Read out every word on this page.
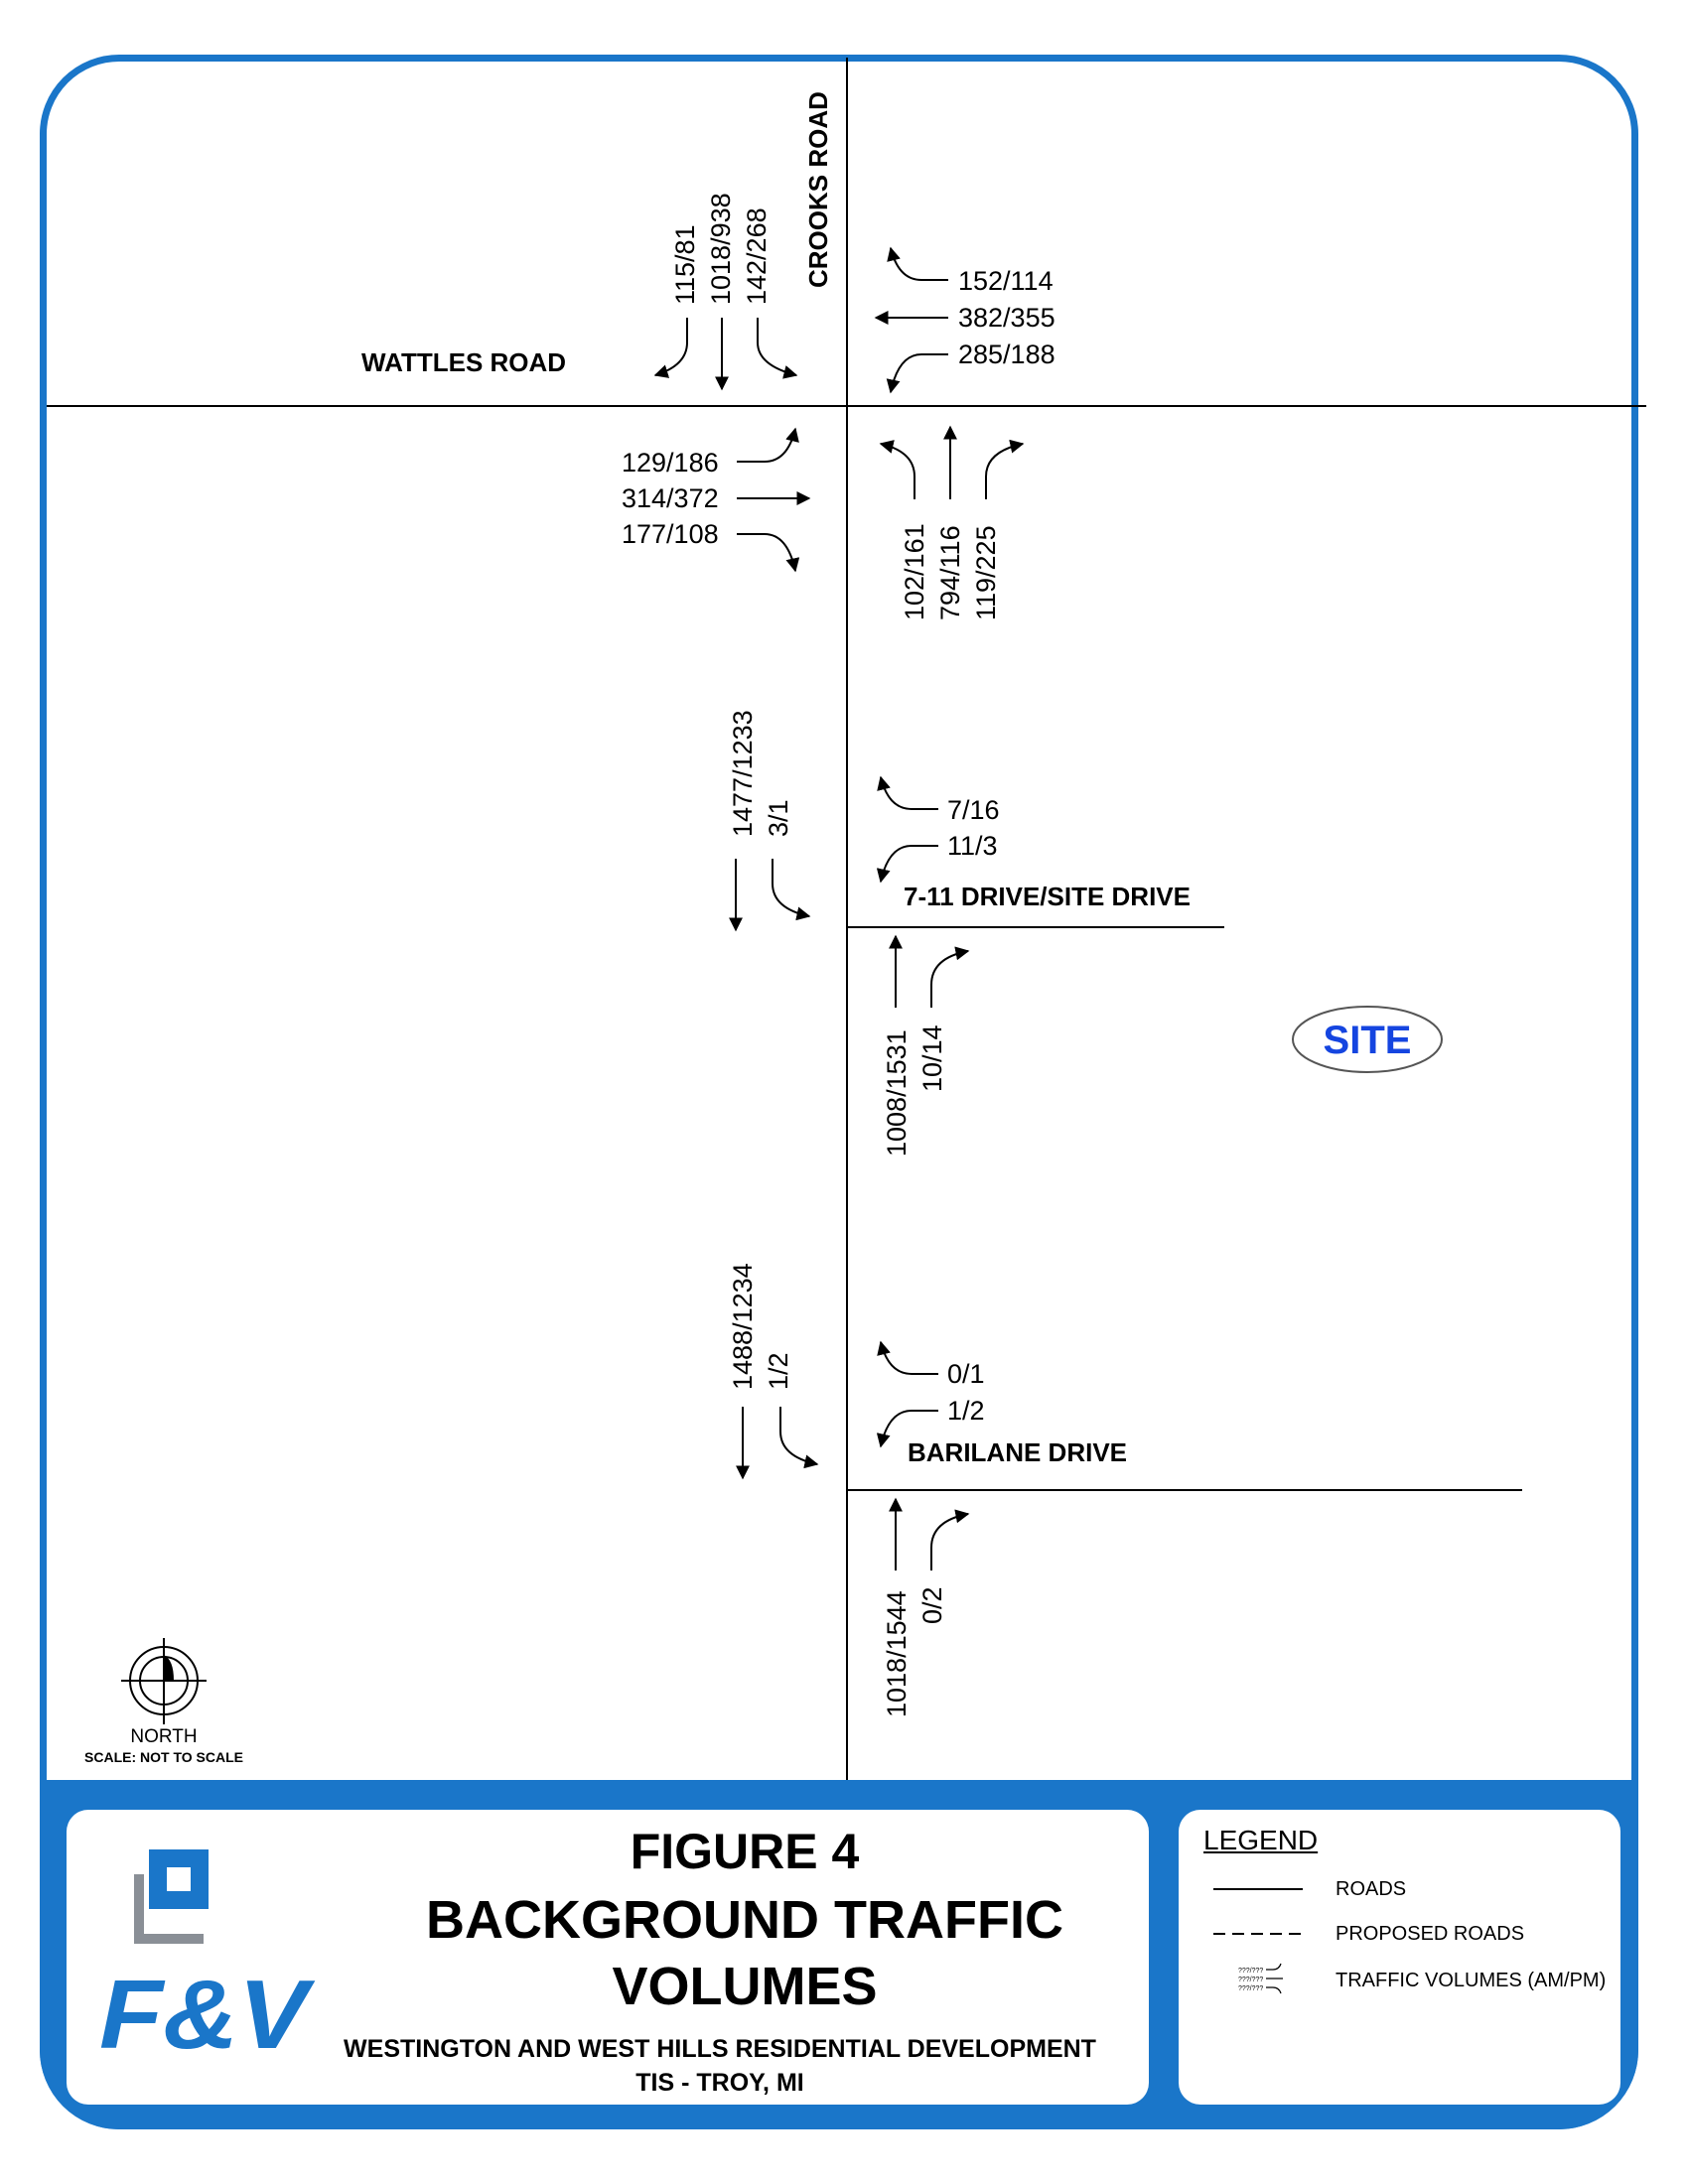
CROOKS ROAD
WATTLES ROAD
7-11 DRIVE/SITE DRIVE
BARILANE DRIVE
115/81 1018/938 142/268	152/114
382/355
285/188
129/186
314/372
177/108	102/161 794/116 119/225
1477/1233 3/1	7/16
11/3
1008/1531 10/14
1488/1234 1/2	0/1
1/2
1018/1544 0/2
SITE
NORTH
SCALE: NOT TO SCALE
F&V
FIGURE 4
BACKGROUND TRAFFIC
VOLUMES
WESTINGTON AND WEST HILLS RESIDENTIAL DEVELOPMENT
TIS - TROY, MI
LEGEND
???/???
???/???
???/???
ROADS
PROPOSED ROADS
TRAFFIC VOLUMES (AM/PM)
